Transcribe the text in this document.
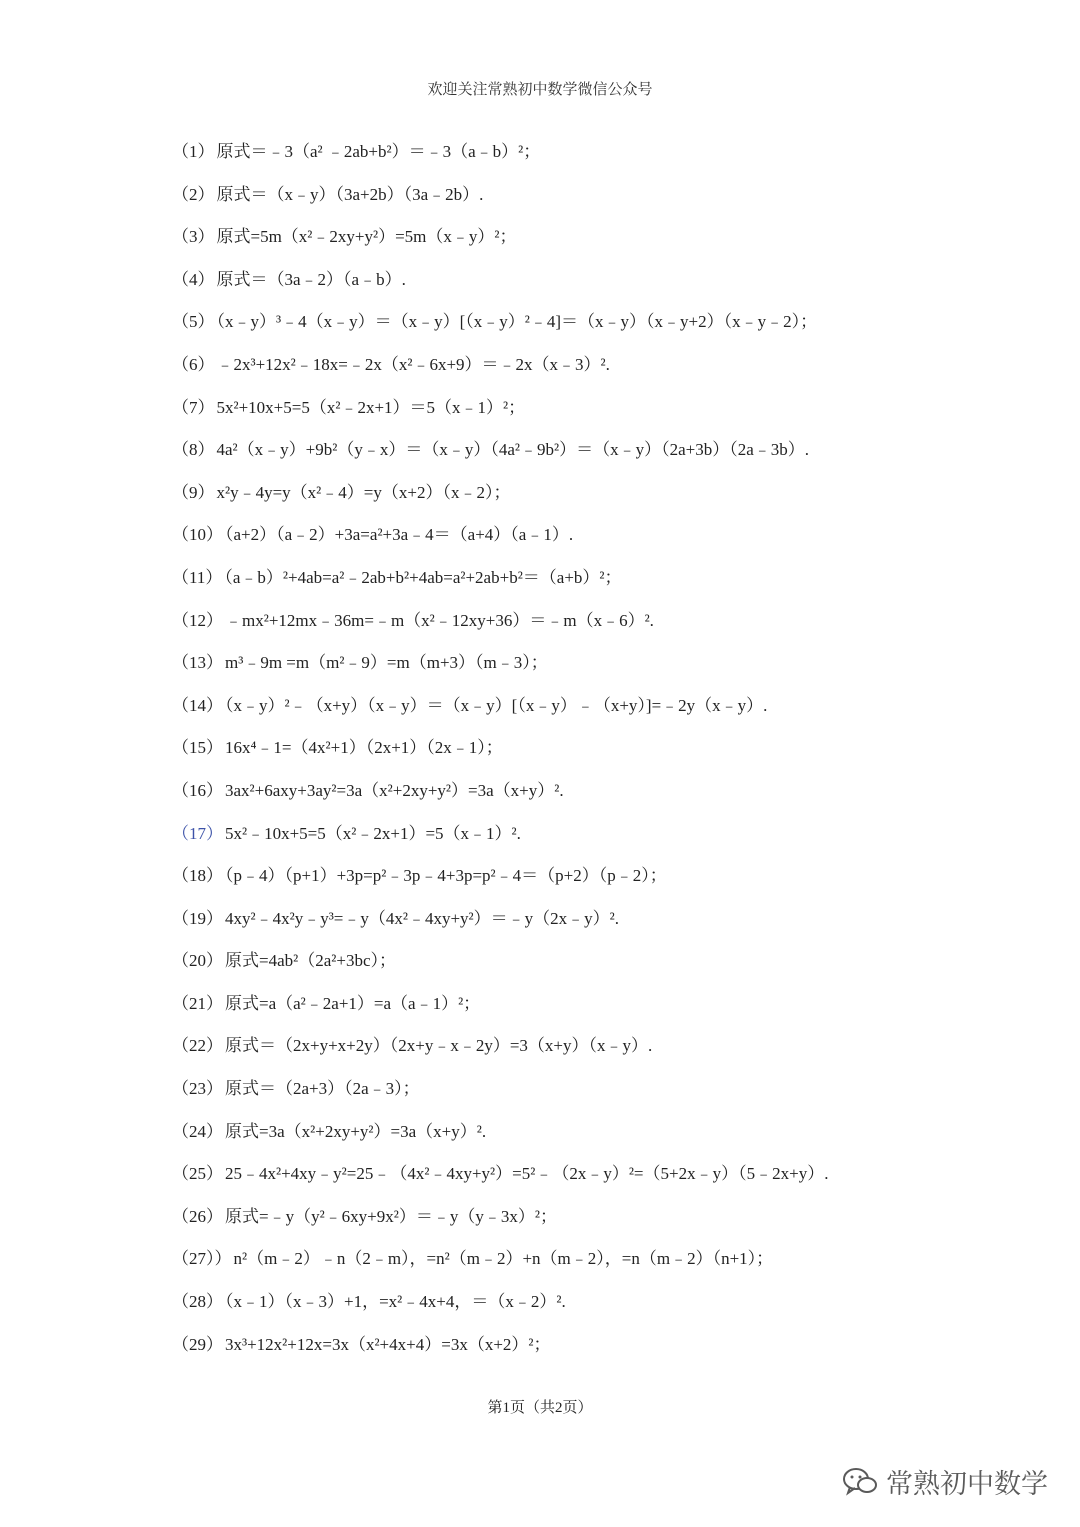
欢迎关注常熟初中数学微信公众号
（1） 原式＝﹣3（a² ﹣2ab+b²）＝﹣3（a﹣b）²；
（2） 原式＝（x﹣y）（3a+2b）（3a﹣2b）.
（3） 原式=5m（x²﹣2xy+y²）=5m（x﹣y）²；
（4） 原式＝（3a﹣2）（a﹣b）.
（5） （x﹣y）³﹣4（x﹣y）＝（x﹣y）[（x﹣y）²﹣4]＝（x﹣y）（x﹣y+2）（x﹣y﹣2）；
（6） ﹣2x³+12x²﹣18x=﹣2x（x²﹣6x+9）＝﹣2x（x﹣3）².
（7） 5x²+10x+5=5（x²﹣2x+1）＝5（x﹣1）²；
（8） 4a²（x﹣y）+9b²（y﹣x）＝（x﹣y）（4a²﹣9b²）＝（x﹣y）（2a+3b）（2a﹣3b）.
（9） x²y﹣4y=y（x²﹣4）=y（x+2）（x﹣2）；
（10） （a+2）（a﹣2）+3a=a²+3a﹣4＝（a+4）（a﹣1）.
（11） （a﹣b）²+4ab=a²﹣2ab+b²+4ab=a²+2ab+b²＝（a+b）²；
（12） ﹣mx²+12mx﹣36m=﹣m（x²﹣12xy+36）＝﹣m（x﹣6）².
（13） m³﹣9m =m（m²﹣9）=m（m+3）（m﹣3）；
（14） （x﹣y）²﹣（x+y）（x﹣y）＝（x﹣y）[（x﹣y）﹣（x+y）]=﹣2y（x﹣y）.
（15） 16x⁴﹣1=（4x²+1）（2x+1）（2x﹣1）；
（16） 3ax²+6axy+3ay²=3a（x²+2xy+y²）=3a（x+y）².
（17） 5x²﹣10x+5=5（x²﹣2x+1）=5（x﹣1）².
（18） （p﹣4）（p+1）+3p=p²﹣3p﹣4+3p=p²﹣4＝（p+2）（p﹣2）；
（19） 4xy²﹣4x²y﹣y³=﹣y（4x²﹣4xy+y²）＝﹣y（2x﹣y）².
（20） 原式=4ab²（2a²+3bc）；
（21） 原式=a（a²﹣2a+1）=a（a﹣1）²；
（22） 原式＝（2x+y+x+2y）（2x+y﹣x﹣2y）=3（x+y）（x﹣y）.
（23） 原式＝（2a+3）（2a﹣3）；
（24） 原式=3a（x²+2xy+y²）=3a（x+y）².
（25） 25﹣4x²+4xy﹣y²=25﹣（4x²﹣4xy+y²）=5²﹣（2x﹣y）²=（5+2x﹣y）（5﹣2x+y）.
（26） 原式=﹣y（y²﹣6xy+9x²）＝﹣y（y﹣3x）²；
（27）） n²（m﹣2）﹣n（2﹣m），=n²（m﹣2）+n（m﹣2），=n（m﹣2）（n+1）；
（28） （x﹣1）（x﹣3）+1，=x²﹣4x+4，＝（x﹣2）².
（29） 3x³+12x²+12x=3x（x²+4x+4）=3x（x+2）²；
第1页（共2页）
常熟初中数学
